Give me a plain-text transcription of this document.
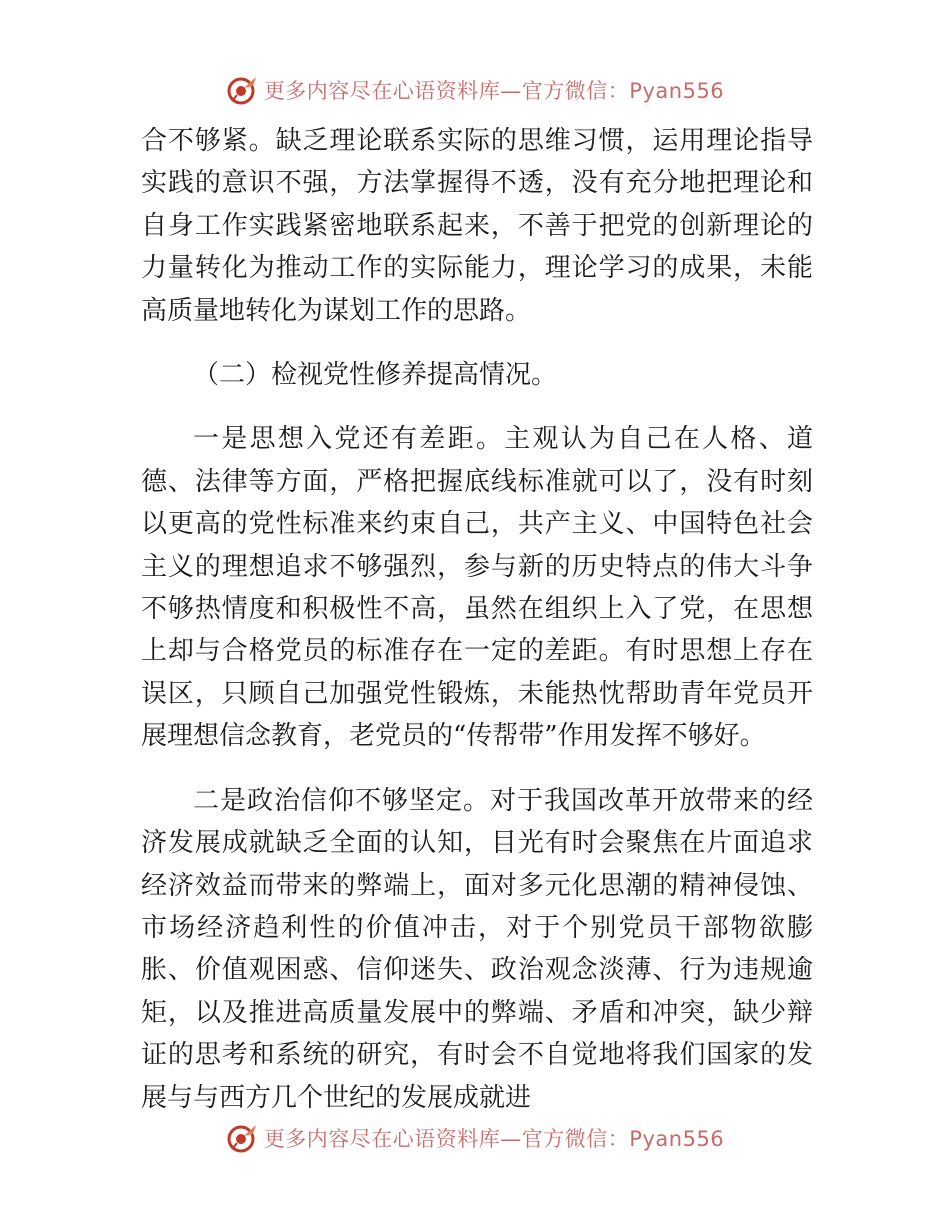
更多内容尽在心语资料库—官方微信：Pyan556

合不够紧。缺乏理论联系实际的思维习惯，运用理论指导实践的意识不强，方法掌握得不透，没有充分地把理论和自身工作实践紧密地联系起来，不善于把党的创新理论的力量转化为推动工作的实际能力，理论学习的成果，未能高质量地转化为谋划工作的思路。

（二）检视党性修养提高情况。

一是思想入党还有差距。主观认为自己在人格、道德、法律等方面，严格把握底线标准就可以了，没有时刻以更高的党性标准来约束自己，共产主义、中国特色社会主义的理想追求不够强烈，参与新的历史特点的伟大斗争不够热情度和积极性不高，虽然在组织上入了党，在思想上却与合格党员的标准存在一定的差距。有时思想上存在误区，只顾自己加强党性锻炼，未能热忱帮助青年党员开展理想信念教育，老党员的“传帮带”作用发挥不够好。

二是政治信仰不够坚定。对于我国改革开放带来的经济发展成就缺乏全面的认知，目光有时会聚焦在片面追求经济效益而带来的弊端上，面对多元化思潮的精神侵蚀、市场经济趋利性的价值冲击，对于个别党员干部物欲膨胀、价值观困惑、信仰迷失、政治观念淡薄、行为违规逾矩，以及推进高质量发展中的弊端、矛盾和冲突，缺少辩证的思考和系统的研究，有时会不自觉地将我们国家的发展与与西方几个世纪的发展成就进

更多内容尽在心语资料库—官方微信：Pyan556
